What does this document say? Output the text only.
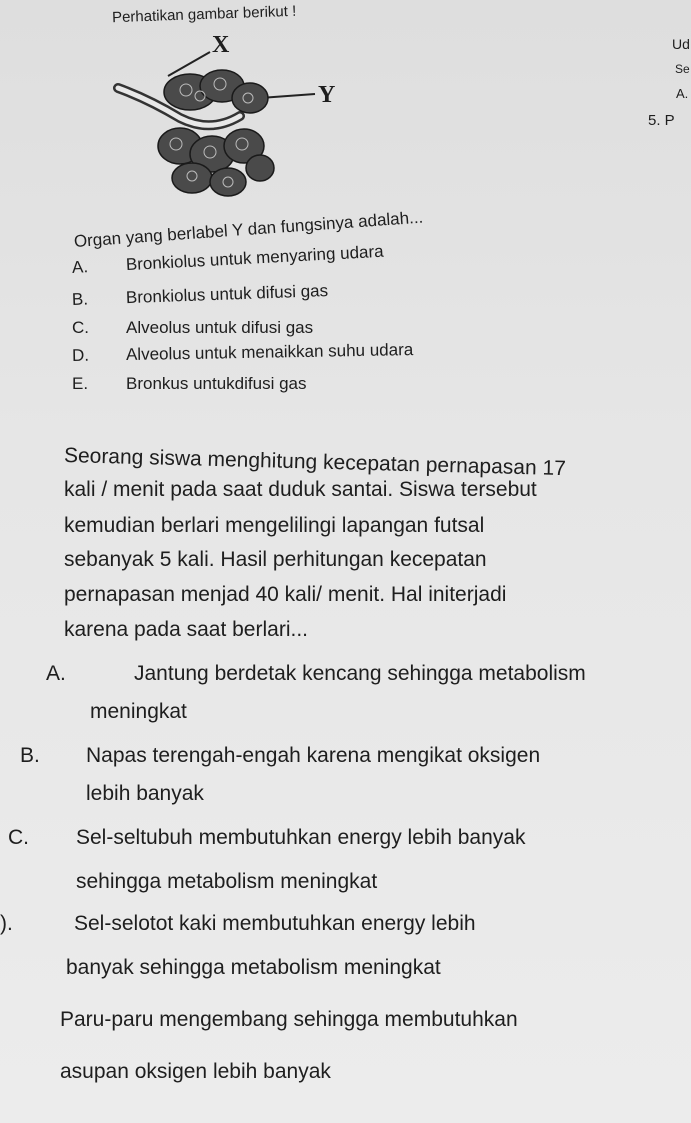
Perhatikan gambar berikut !
X
Y
Ud
Se
A.
5. P
Organ yang berlabel Y dan fungsinya adalah...
A. Bronkiolus untuk menyaring udara
B. Bronkiolus untuk difusi gas
C. Alveolus untuk difusi gas
D. Alveolus untuk menaikkan suhu udara
E. Bronkus untukdifusi gas
Seorang siswa menghitung kecepatan pernapasan 17
kali / menit pada saat duduk santai. Siswa tersebut
kemudian berlari mengelilingi lapangan futsal
sebanyak 5 kali. Hasil perhitungan kecepatan
pernapasan menjad 40 kali/ menit. Hal initerjadi
karena pada saat berlari...
A.	Jantung berdetak kencang sehingga metabolism
meningkat
B. Napas terengah-engah karena mengikat oksigen
lebih banyak
C. Sel-seltubuh membutuhkan energy lebih banyak
sehingga metabolism meningkat
).	Sel-selotot kaki membutuhkan energy lebih
banyak sehingga metabolism meningkat
Paru-paru mengembang sehingga membutuhkan
asupan oksigen lebih banyak
